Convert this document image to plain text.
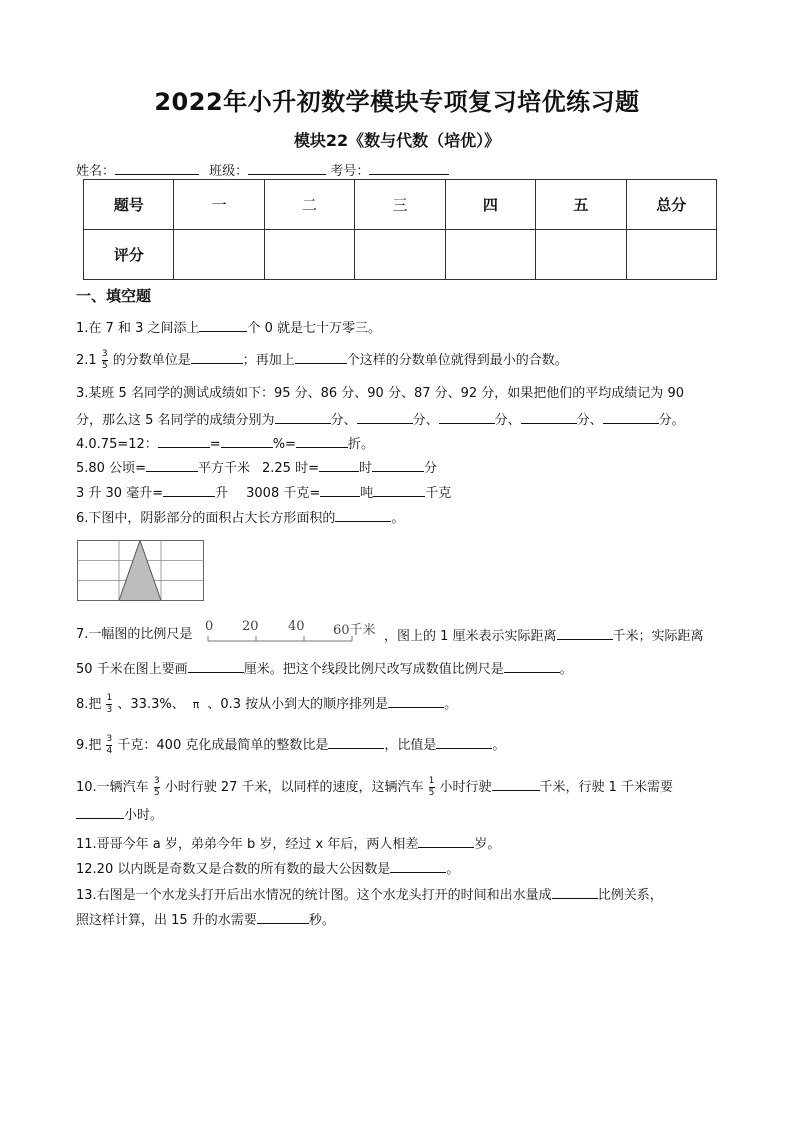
2022年小升初数学模块专项复习培优练习题
模块22《数与代数（培优）》
姓名：	班级：	考号：
题号	一	二	三	四	五	总分
评分						
一、填空题
1.在 7 和 3 之间添上	个 0 就是七十万零三。
$2.1 \frac{3}{5}$ 的分数单位是	；再加上	个这样的分数单位就得到最小的合数。
3.某班 5 名同学的测试成绩如下：95 分、86 分、90 分、87 分、92 分，如果把他们的平均成绩记为 90
分，那么这 5 名同学的成绩分别为	分、	分、	分、	分、	分。
4.0.75=12：	=	%=	折。
5.80 公顷=	平方千米 2.25 时=	时	分
3 升 30 毫升=	升 3008 千克=	吨	千克
6.下图中，阴影部分的面积占大长方形面积的	。
7.一幅图的比例尺是
0 20 40 60千米 ，图上的 1 厘米表示实际距离	千米；实际距离
50 千米在图上要画	厘米。把这个线段比例尺改写成数值比例尺是	。
8.把 $\frac{1}{3}$ 、33.3%、 π 、0.3 按从小到大的顺序排列是	。
9.把 $\frac{3}{4}$ 千克：400 克化成最简单的整数比是	，比值是	。
10.一辆汽车 $\frac{3}{5}$ 小时行驶 27 千米，以同样的速度，这辆汽车 $\frac{1}{5}$ 小时行驶	千米，行驶 1 千米需要
小时。
11.哥哥今年 a 岁，弟弟今年 b 岁，经过 x 年后，两人相差	岁。
12.20 以内既是奇数又是合数的所有数的最大公因数是	。
13.右图是一个水龙头打开后出水情况的统计图。这个水龙头打开的时间和出水量成	比例关系，
照这样计算，出 15 升的水需要	秒。
